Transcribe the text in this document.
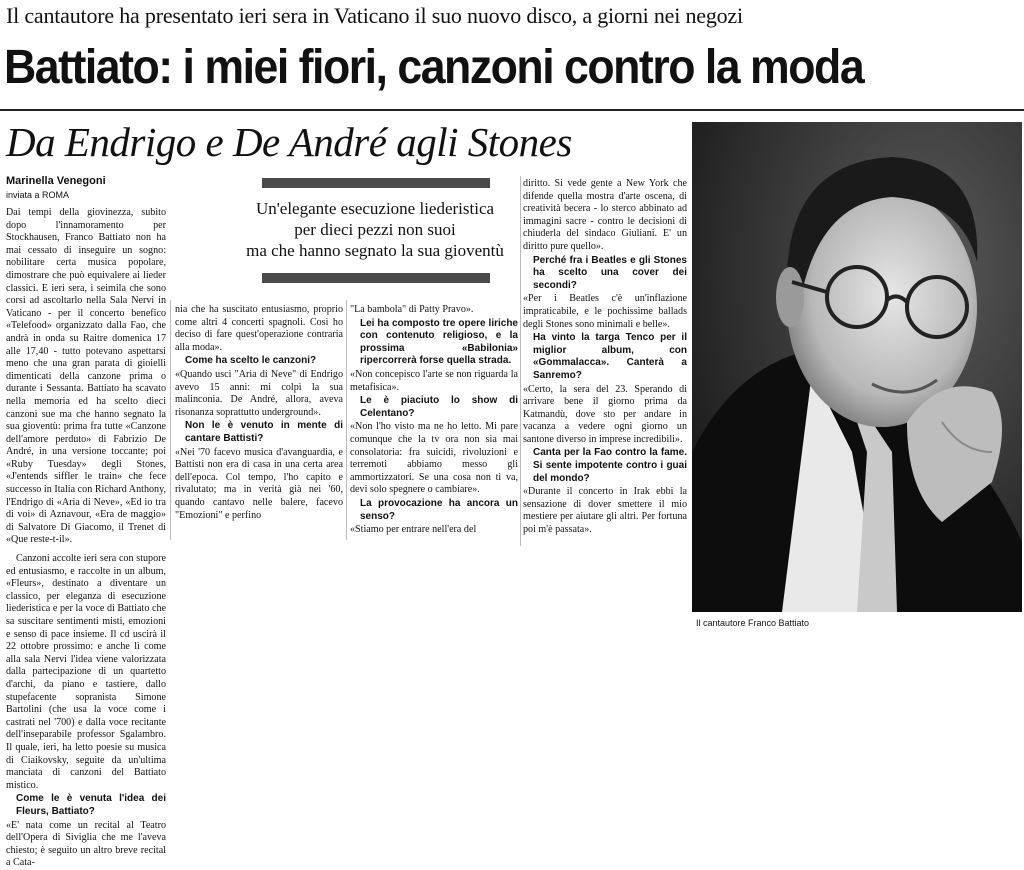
Il cantautore ha presentato ieri sera in Vaticano il suo nuovo disco, a giorni nei negozi
Battiato: i miei fiori, canzoni contro la moda
Da Endrigo e De André agli Stones
Marinella Venegoni
inviata a ROMA
Un'elegante esecuzione liederistica
per dieci pezzi non suoi
ma che hanno segnato la sua gioventù

Dai tempi della giovinezza, subito dopo l'innamoramento per Stockhausen, Franco Battiato non ha mai cessato di inseguire un sogno: nobilitare certa musica popolare, dimostrare che può equivalere ai lieder classici. E ieri sera, i seimila che sono corsi ad ascoltarlo nella Sala Nervi in Vaticano - per il concerto benefico «Telefood» organizzato dalla Fao, che andrà in onda su Raitre domenica 17 alle 17,40 - tutto potevano aspettarsi meno che una gran parata di gioielli dimenticati della canzone prima o durante i Sessanta. Battiato ha scavato nella memoria ed ha scelto dieci canzoni sue ma che hanno segnato la sua gioventù: prima fra tutte «Canzone dell'amore perduto» di Fabrizio De André, in una versione toccante; poi «Ruby Tuesday» degli Stones, «J'entends siffler le train» che fece successo in Italia con Richard Anthony, l'Endrigo di «Aria di Neve», «Ed io tra di voi» di Aznavour, «Era de maggio» di Salvatore Di Giacomo, il Trenet di «Que reste-t-il».

Canzoni accolte ieri sera con stupore ed entusiasmo, e raccolte in un album, «Fleurs», destinato a diventare un classico, per eleganza di esecuzione liederistica e per la voce di Battiato che sa suscitare sentimenti misti, emozioni e senso di pace insieme. Il cd uscirà il 22 ottobre prossimo: e anche lì come alla sala Nervi l'idea viene valorizzata dalla partecipazione di un quartetto d'archi, da piano e tastiere, dallo stupefacente sopranista Simone Bartolini (che usa la voce come i castrati nel '700) e dalla voce recitante dell'inseparabile professor Sgalambro. Il quale, ieri, ha letto poesie su musica di Ciaikovsky, seguite da un'ultima manciata di canzoni del Battiato mistico.

Come le è venuta l'idea dei Fleurs, Battiato?

«E' nata come un recital al Teatro dell'Opera di Siviglia che me l'aveva chiesto; è seguito un altro breve recital a Cata-

nia che ha suscitato entusiasmo, proprio come altri 4 concerti spagnoli. Così ho deciso di fare quest'operazione contraria alla moda».

Come ha scelto le canzoni?

«Quando uscì "Aria di Neve" di Endrigo avevo 15 anni: mi colpì la sua malinconia. De André, allora, aveva risonanza soprattutto underground».

Non le è venuto in mente di cantare Battisti?

«Nei '70 facevo musica d'avanguardia, e Battisti non era di casa in una certa area dell'epoca. Col tempo, l'ho capito e rivalutato; ma in verità già nei '60, quando cantavo nelle balere, facevo "Emozioni" e perfino

"La bambola" di Patty Pravo».

Lei ha composto tre opere liriche con contenuto religioso, e la prossima «Babilonia» ripercorrerà forse quella strada.

«Non concepisco l'arte se non riguarda la metafisica».

Le è piaciuto lo show di Celentano?

«Non l'ho visto ma ne ho letto. Mi pare comunque che la tv ora non sia mai consolatoria: fra suicidi, rivoluzioni e terremoti abbiamo messo gli ammortizzatori. Se una cosa non ti va, devi solo spegnere o cambiare».

La provocazione ha ancora un senso?

«Stiamo per entrare nell'era del

diritto. Si vede gente a New York che difende quella mostra d'arte oscena, di creatività becera - lo sterco abbinato ad immagini sacre - contro le decisioni di chiuderla del sindaco Giuliani. E' un diritto pure quello».

Perché fra i Beatles e gli Stones ha scelto una cover dei secondi?

«Per i Beatles c'è un'inflazione impraticabile, e le pochissime ballads degli Stones sono minimali e belle».

Ha vinto la targa Tenco per il miglior album, con «Gommalacca». Canterà a Sanremo?

«Certo, la sera del 23. Sperando di arrivare bene il giorno prima da Katmandù, dove sto per andare in vacanza a vedere ogni giorno un santone diverso in imprese incredibili».

Canta per la Fao contro la fame. Si sente impotente contro i guai del mondo?

«Durante il concerto in Irak ebbi la sensazione di dover smettere il mio mestiere per aiutare gli altri. Per fortuna poi m'è passata».

Il cantautore Franco Battiato
